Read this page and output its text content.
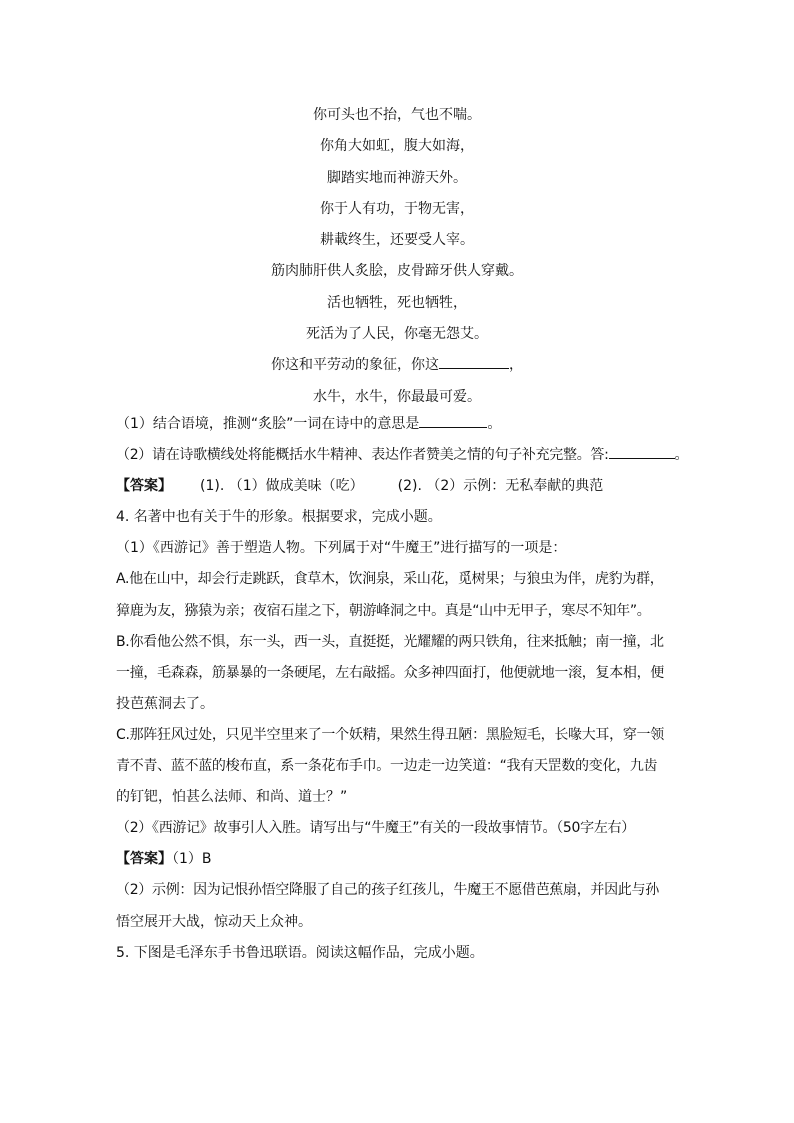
你可头也不抬，气也不喘。
你角大如虹，腹大如海，
脚踏实地而神游天外。
你于人有功，于物无害，
耕載终生，还要受人宰。
筋肉肺肝供人炙脍，皮骨蹄牙供人穿戴。
活也牺牲，死也牺牲，
死活为了人民，你毫无怨艾。
你这和平劳动的象征，你这	，
水牛，水牛，你最最可爱。
（1）结合语境，推测“炙脍”一词在诗中的意思是	。
（2）请在诗歌横线处将能概括水牛精神、表达作者赞美之情的句子补充完整。答:	。
【答案】 (1). （1）做成美味（吃） (2). （2）示例：无私奉献的典范
4. 名著中也有关于牛的形象。根据要求，完成小题。
（1）《西游记》善于塑造人物。下列属于对“牛魔王”进行描写的一项是：
A.他在山中，却会行走跳跃，食草木，饮涧泉，采山花，觅树果；与狼虫为伴，虎豹为群，
獐鹿为友，猕猿为亲；夜宿石崖之下，朝游峰洞之中。真是“山中无甲子，寒尽不知年”。
B.你看他公然不惧，东一头，西一头，直挺挺，光耀耀的两只铁角，往来抵触；南一撞，北
一撞，毛森森，筋暴暴的一条硬尾，左右敲摇。众多神四面打，他便就地一滚，复本相，便
投芭蕉洞去了。
C.那阵狂风过处，只见半空里来了一个妖精，果然生得丑陋：黑脸短毛，长喙大耳，穿一领
青不青、蓝不蓝的梭布直，系一条花布手巾。一边走一边笑道：“我有天罡数的变化，九齿
的钉钯，怕甚么法师、和尚、道士？”
（2）《西游记》故事引人入胜。请写出与“牛魔王”有关的一段故事情节。（50字左右）
【答案】（1）B
（2）示例：因为记恨孙悟空降服了自己的孩子红孩儿，牛魔王不愿借芭蕉扇，并因此与孙
悟空展开大战，惊动天上众神。
5. 下图是毛泽东手书鲁迅联语。阅读这幅作品，完成小题。
